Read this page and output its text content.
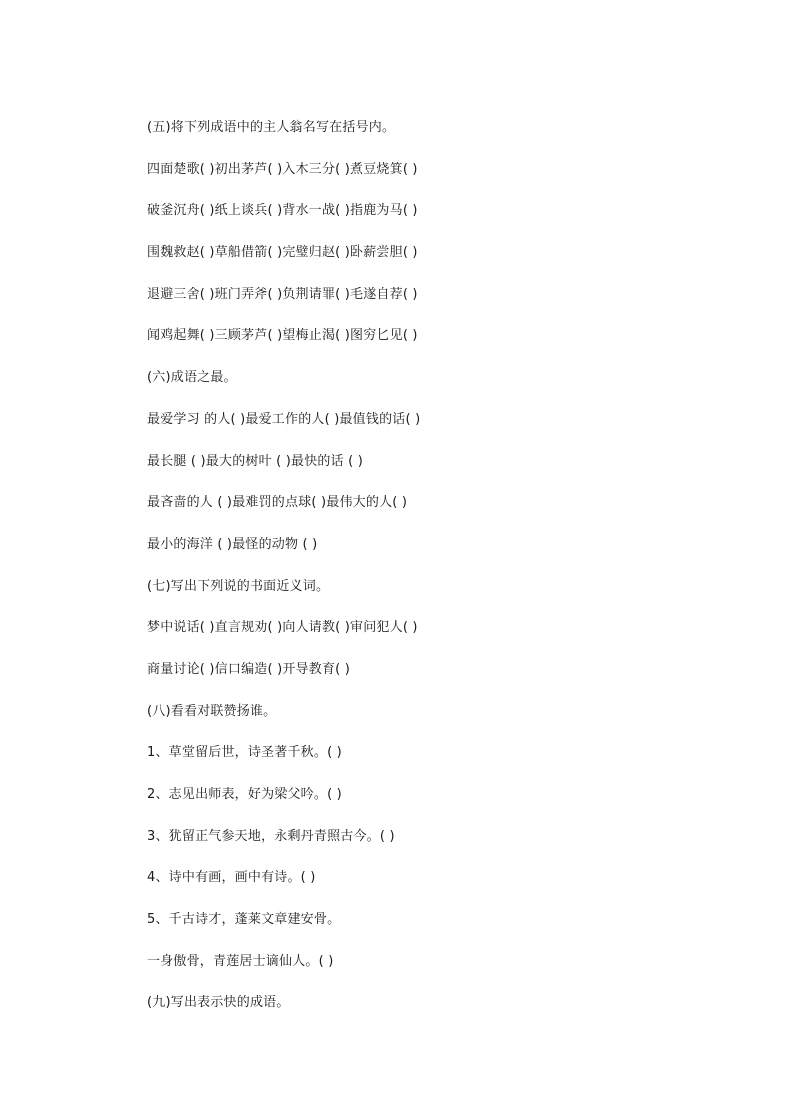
(五)将下列成语中的主人翁名写在括号内。
四面楚歌( )初出茅芦( )入木三分( )煮豆烧箕( )
破釜沉舟( )纸上谈兵( )背水一战( )指鹿为马( )
围魏救赵( )草船借箭( )完璧归赵( )卧薪尝胆( )
退避三舍( )班门弄斧( )负荆请罪( )毛遂自荐( )
闻鸡起舞( )三顾茅芦( )望梅止渴( )图穷匕见( )
(六)成语之最。
最爱学习 的人( )最爱工作的人( )最值钱的话( )
最长腿 ( )最大的树叶 ( )最快的话 ( )
最吝啬的人 ( )最难罚的点球( )最伟大的人( )
最小的海洋 ( )最怪的动物 ( )
(七)写出下列说的书面近义词。
梦中说话( )直言规劝( )向人请教( )审问犯人( )
商量讨论( )信口编造( )开导教育( )
(八)看看对联赞扬谁。
1、草堂留后世，诗圣著千秋。( )
2、志见出师表，好为梁父吟。( )
3、犹留正气参天地，永剩丹青照古今。( )
4、诗中有画，画中有诗。( )
5、千古诗才，蓬莱文章建安骨。
一身傲骨，青莲居士谪仙人。( )
(九)写出表示快的成语。
